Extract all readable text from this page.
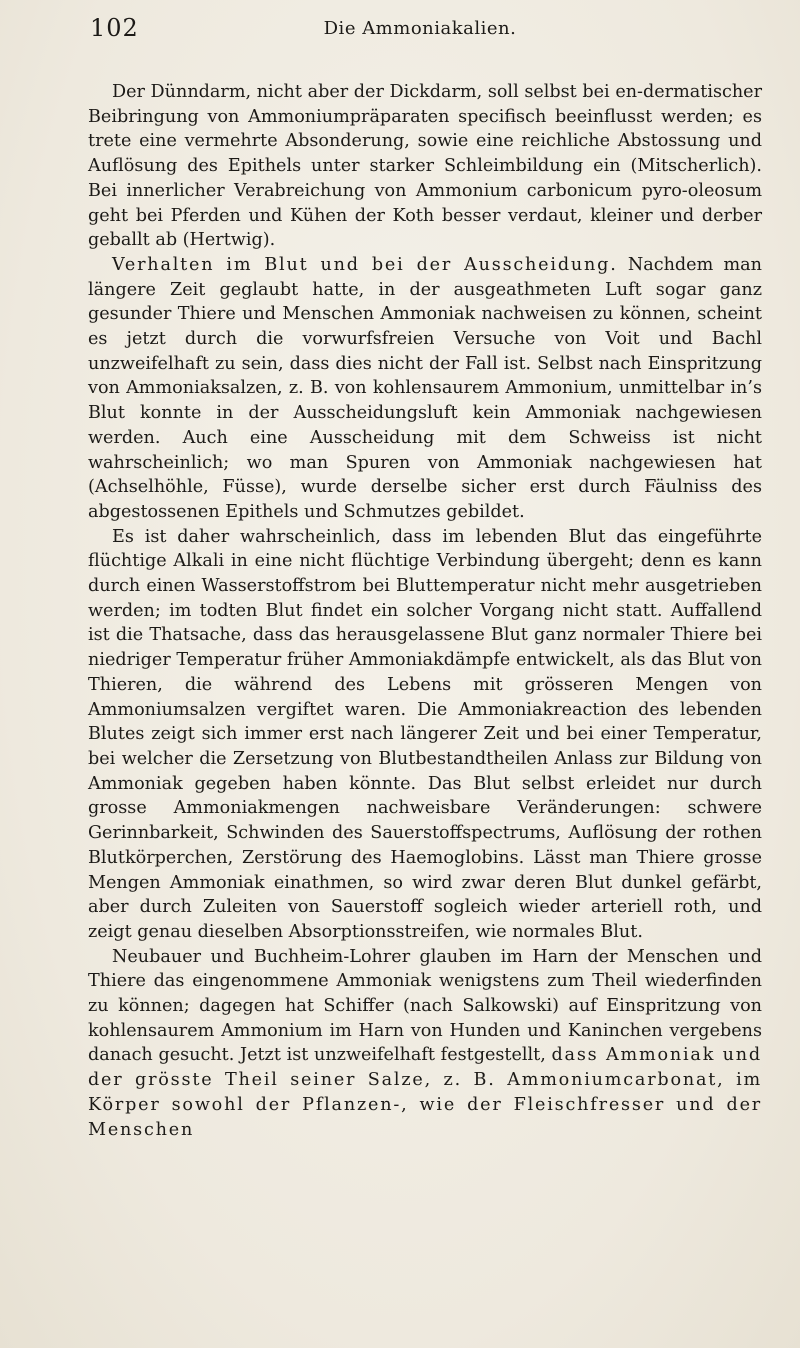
102	Die Ammoniakalien.

Der Dünndarm, nicht aber der Dickdarm, soll selbst bei en-dermatischer Beibringung von Ammoniumpräparaten specifisch beeinflusst werden; es trete eine vermehrte Absonderung, sowie eine reichliche Abstossung und Auflösung des Epithels unter starker Schleimbildung ein (Mitscherlich). Bei innerlicher Verabreichung von Ammonium carbonicum pyro-oleosum geht bei Pferden und Kühen der Koth besser verdaut, kleiner und derber geballt ab (Hertwig).

Verhalten im Blut und bei der Ausscheidung. Nachdem man längere Zeit geglaubt hatte, in der ausgeathmeten Luft sogar ganz gesunder Thiere und Menschen Ammoniak nachweisen zu können, scheint es jetzt durch die vorwurfsfreien Versuche von Voit und Bachl unzweifelhaft zu sein, dass dies nicht der Fall ist. Selbst nach Einspritzung von Ammoniaksalzen, z. B. von kohlensaurem Ammonium, unmittelbar in’s Blut konnte in der Ausscheidungsluft kein Ammoniak nachgewiesen werden. Auch eine Ausscheidung mit dem Schweiss ist nicht wahrscheinlich; wo man Spuren von Ammoniak nachgewiesen hat (Achselhöhle, Füsse), wurde derselbe sicher erst durch Fäulniss des abgestossenen Epithels und Schmutzes gebildet.

Es ist daher wahrscheinlich, dass im lebenden Blut das eingeführte flüchtige Alkali in eine nicht flüchtige Verbindung übergeht; denn es kann durch einen Wasserstoffstrom bei Bluttemperatur nicht mehr ausgetrieben werden; im todten Blut findet ein solcher Vorgang nicht statt. Auffallend ist die Thatsache, dass das herausgelassene Blut ganz normaler Thiere bei niedriger Temperatur früher Ammoniakdämpfe entwickelt, als das Blut von Thieren, die während des Lebens mit grösseren Mengen von Ammoniumsalzen vergiftet waren. Die Ammoniakreaction des lebenden Blutes zeigt sich immer erst nach längerer Zeit und bei einer Temperatur, bei welcher die Zersetzung von Blutbestandtheilen Anlass zur Bildung von Ammoniak gegeben haben könnte. Das Blut selbst erleidet nur durch grosse Ammoniakmengen nachweisbare Veränderungen: schwere Gerinnbarkeit, Schwinden des Sauerstoffspectrums, Auflösung der rothen Blutkörperchen, Zerstörung des Haemoglobins. Lässt man Thiere grosse Mengen Ammoniak einathmen, so wird zwar deren Blut dunkel gefärbt, aber durch Zuleiten von Sauerstoff sogleich wieder arteriell roth, und zeigt genau dieselben Absorptionsstreifen, wie normales Blut.

Neubauer und Buchheim-Lohrer glauben im Harn der Menschen und Thiere das eingenommene Ammoniak wenigstens zum Theil wiederfinden zu können; dagegen hat Schiffer (nach Salkowski) auf Einspritzung von kohlensaurem Ammonium im Harn von Hunden und Kaninchen vergebens danach gesucht. Jetzt ist unzweifelhaft festgestellt, dass Ammoniak und der grösste Theil seiner Salze, z. B. Ammoniumcarbonat, im Körper sowohl der Pflanzen-, wie der Fleischfresser und der Menschen
